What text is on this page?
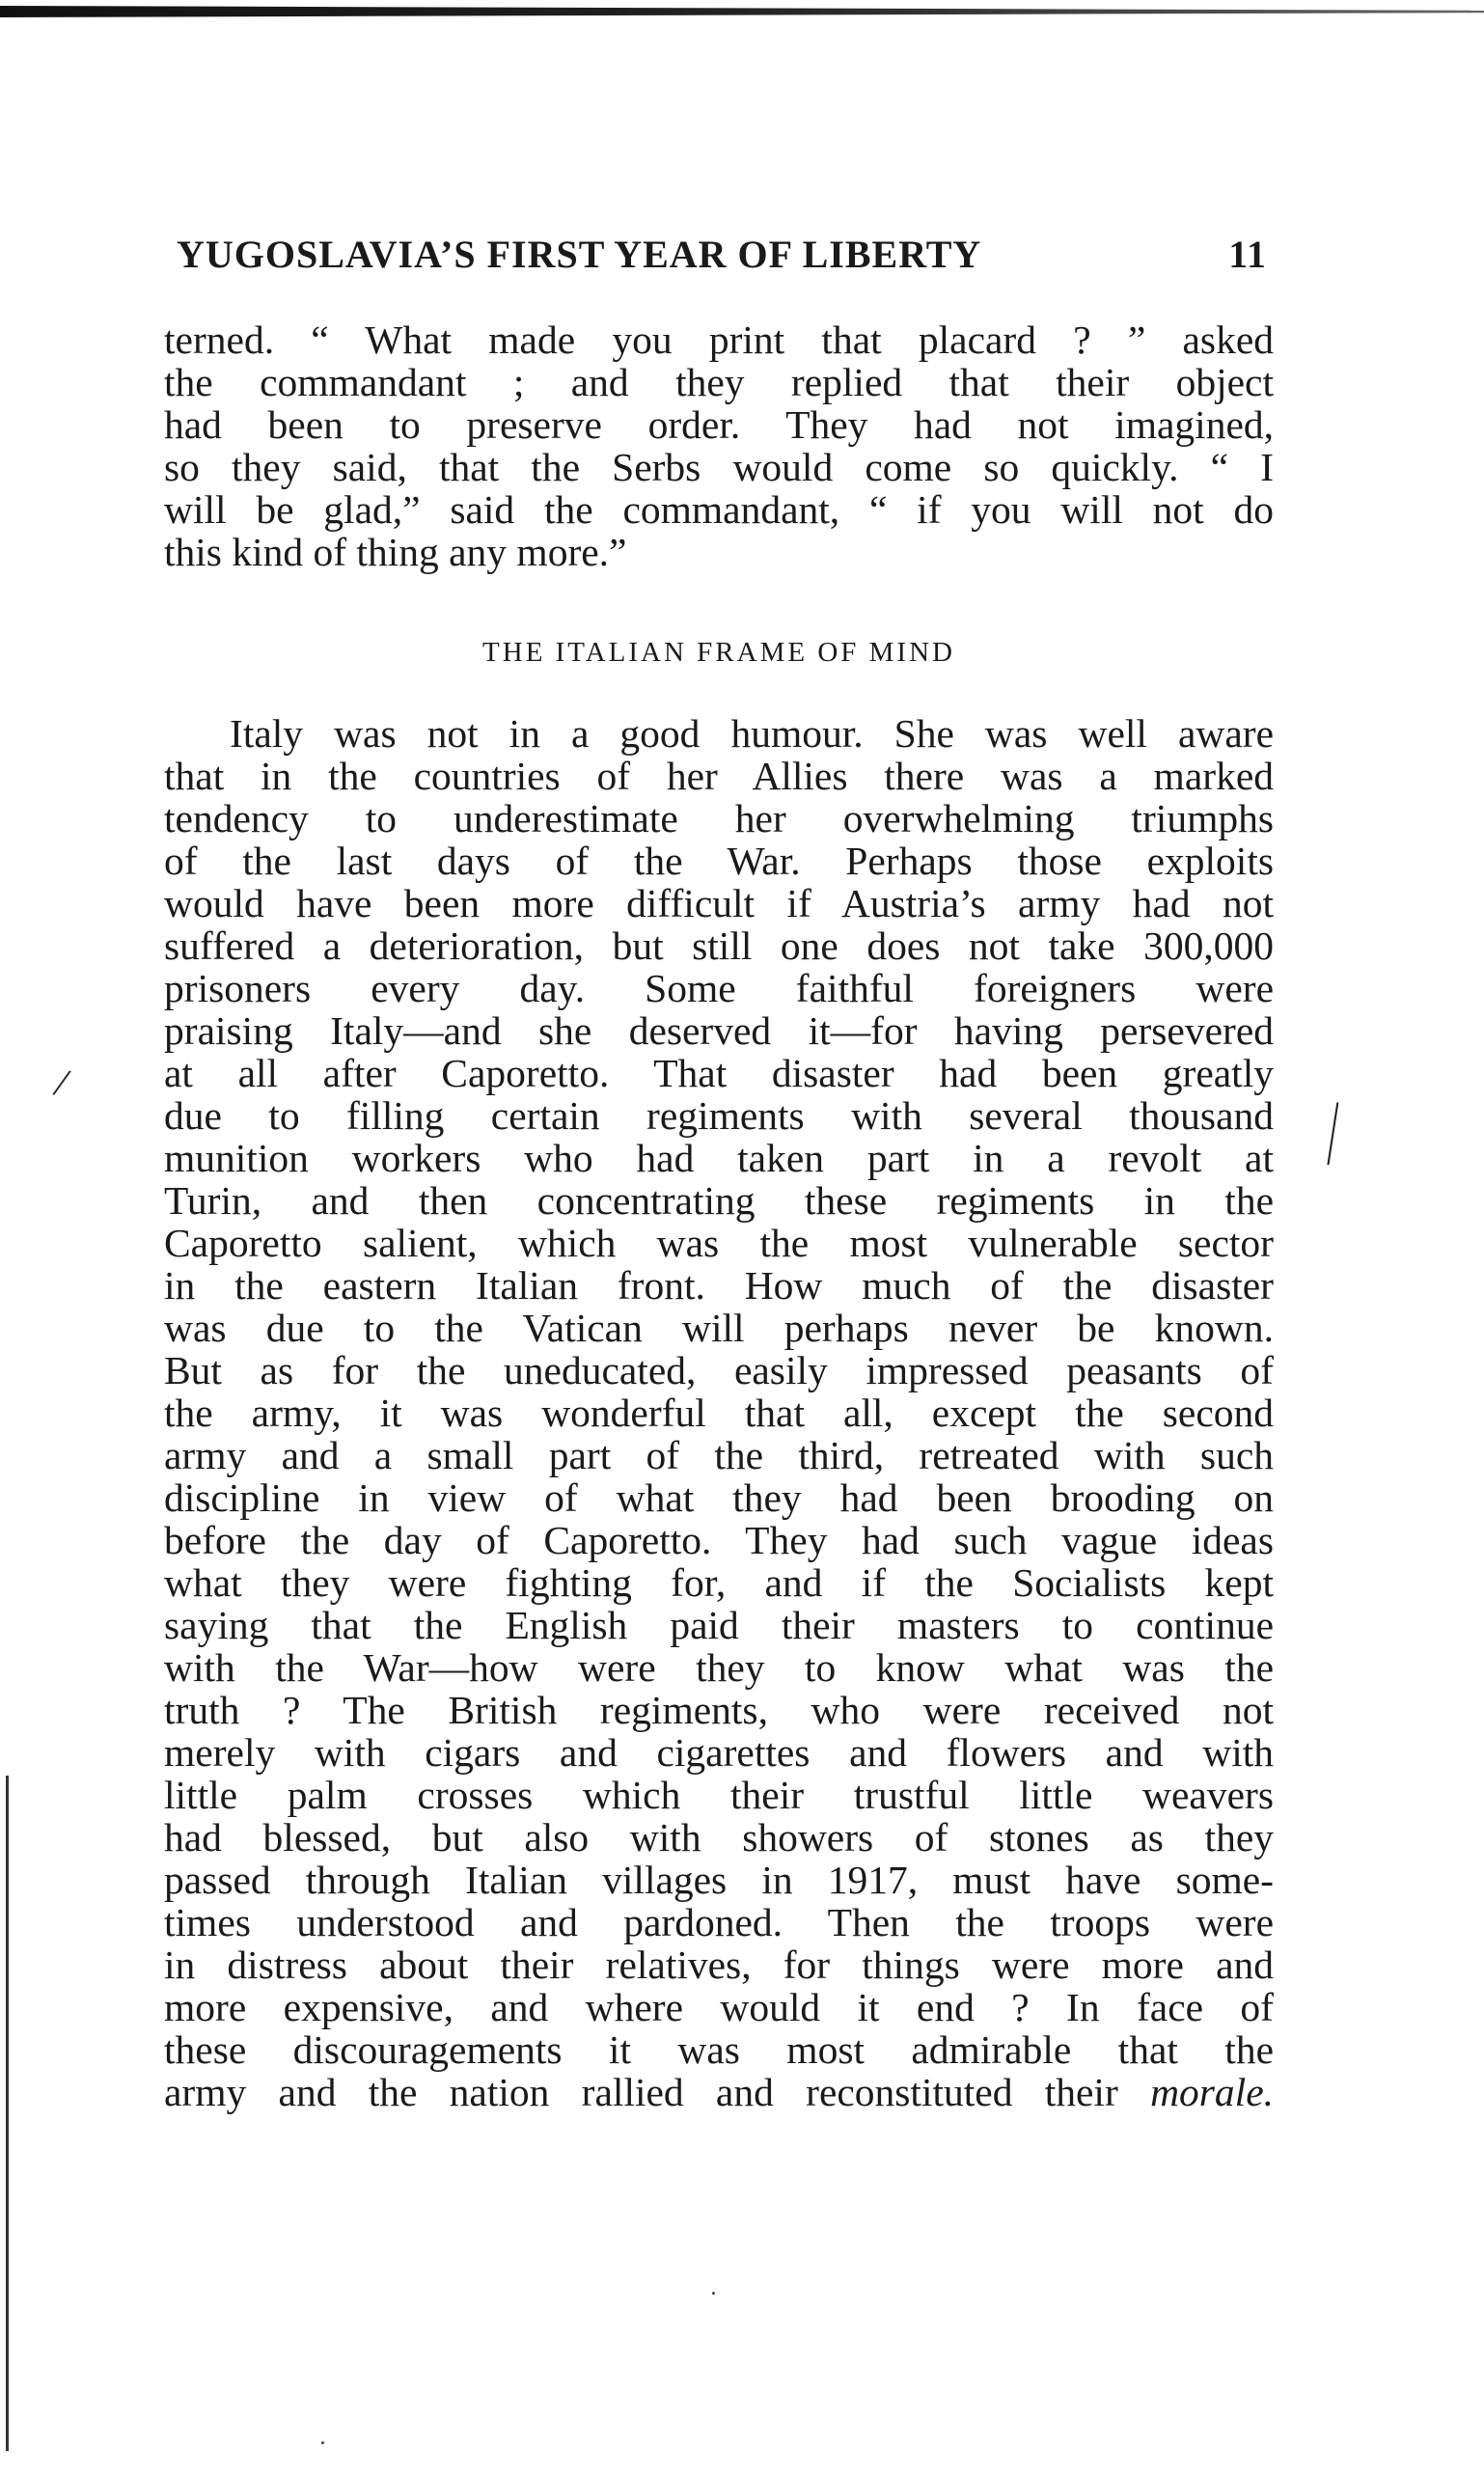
YUGOSLAVIA’S FIRST YEAR OF LIBERTY	11
terned. “ What made you print that placard ? ” asked
the commandant ; and they replied that their object
had been to preserve order. They had not imagined,
so they said, that the Serbs would come so quickly. “ I
will be glad,” said the commandant, “ if you will not do
this kind of thing any more.”
THE ITALIAN FRAME OF MIND
Italy was not in a good humour. She was well aware
that in the countries of her Allies there was a marked
tendency to underestimate her overwhelming triumphs
of the last days of the War. Perhaps those exploits
would have been more difficult if Austria’s army had not
suffered a deterioration, but still one does not take 300,000
prisoners every day. Some faithful foreigners were
praising Italy—and she deserved it—for having persevered
at all after Caporetto. That disaster had been greatly
due to filling certain regiments with several thousand
munition workers who had taken part in a revolt at
Turin, and then concentrating these regiments in the
Caporetto salient, which was the most vulnerable sector
in the eastern Italian front. How much of the disaster
was due to the Vatican will perhaps never be known.
But as for the uneducated, easily impressed peasants of
the army, it was wonderful that all, except the second
army and a small part of the third, retreated with such
discipline in view of what they had been brooding on
before the day of Caporetto. They had such vague ideas
what they were fighting for, and if the Socialists kept
saying that the English paid their masters to continue
with the War—how were they to know what was the
truth ? The British regiments, who were received not
merely with cigars and cigarettes and flowers and with
little palm crosses which their trustful little weavers
had blessed, but also with showers of stones as they
passed through Italian villages in 1917, must have some-
times understood and pardoned. Then the troops were
in distress about their relatives, for things were more and
more expensive, and where would it end ? In face of
these discouragements it was most admirable that the
army and the nation rallied and reconstituted their morale.
/	/
